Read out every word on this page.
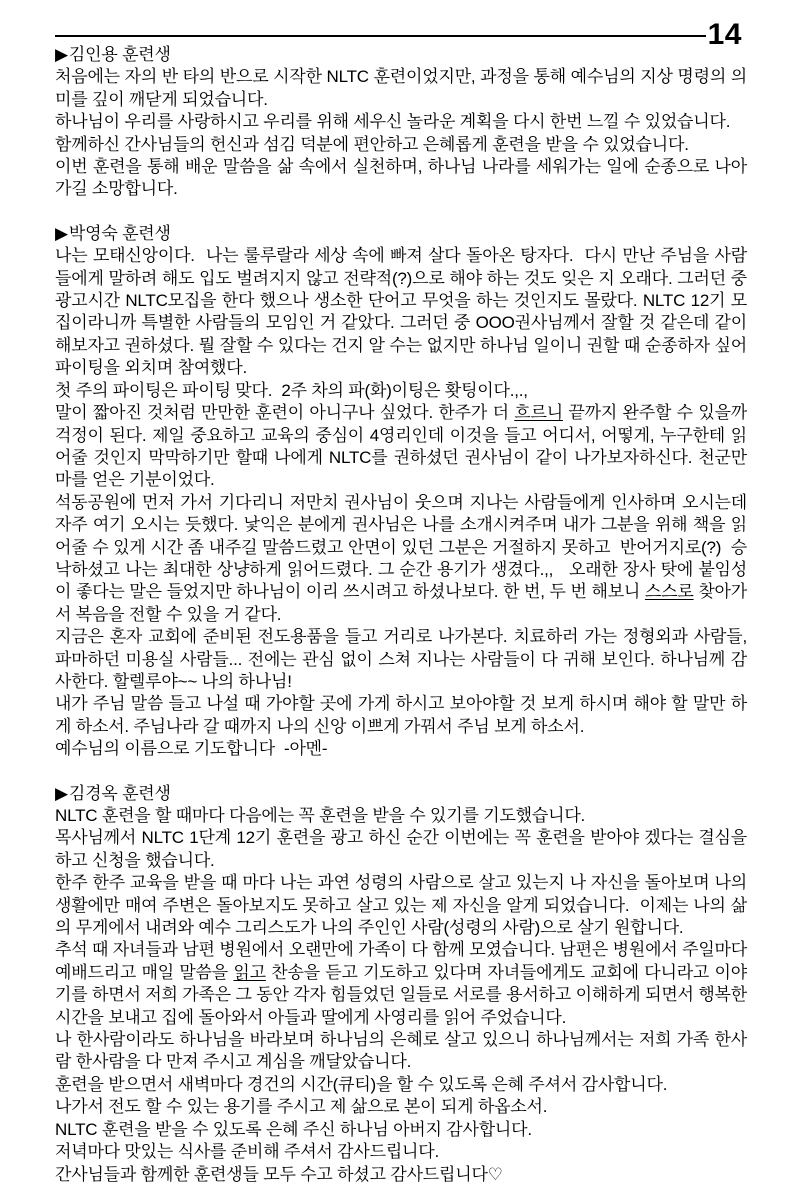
14
▶김인용 훈련생

처음에는 자의 반 타의 반으로 시작한 NLTC 훈련이었지만, 과정을 통해 예수님의 지상 명령의 의미를 깊이 깨닫게 되었습니다.

하나님이 우리를 사랑하시고 우리를 위해 세우신 놀라운 계획을 다시 한번 느낄 수 있었습니다.

함께하신 간사님들의 헌신과 섬김 덕분에 편안하고 은혜롭게 훈련을 받을 수 있었습니다.

이번 훈련을 통해 배운 말씀을 삶 속에서 실천하며, 하나님 나라를 세워가는 일에 순종으로 나아가길 소망합니다.

▶박영숙 훈련생

나는 모태신앙이다.  나는 룰루랄라 세상 속에 빠져 살다 돌아온 탕자다.  다시 만난 주님을 사람들에게 말하려 해도 입도 벌려지지 않고 전략적(?)으로 해야 하는 것도 잊은 지 오래다. 그러던 중 광고시간 NLTC모집을 한다 했으나 생소한 단어고 무엇을 하는 것인지도 몰랐다. NLTC 12기 모집이라니까 특별한 사람들의 모임인 거 같았다. 그러던 중 OOO권사님께서 잘할 것 같은데 같이 해보자고 권하셨다. 뭘 잘할 수 있다는 건지 알 수는 없지만 하나님 일이니 권할 때 순종하자 싶어 파이팅을 외치며 참여했다.

첫 주의 파이팅은 파이팅 맞다.  2주 차의 파(화)이팅은 홧팅이다.,.,

말이 짧아진 것처럼 만만한 훈련이 아니구나 싶었다. 한주가 더 흐르니 끝까지 완주할 수 있을까 걱정이 된다. 제일 중요하고 교육의 중심이 4영리인데 이것을 들고 어디서, 어떻게, 누구한테 읽어줄 것인지 막막하기만 할때 나에게 NLTC를 권하셨던 권사님이 같이 나가보자하신다. 천군만마를 얻은 기분이었다.

석동공원에 먼저 가서 기다리니 저만치 권사님이 웃으며 지나는 사람들에게 인사하며 오시는데 자주 여기 오시는 듯했다. 낯익은 분에게 권사님은 나를 소개시켜주며 내가 그분을 위해 책을 읽어줄 수 있게 시간 좀 내주길 말씀드렸고 안면이 있던 그분은 거절하지 못하고  반어거지로(?)  승낙하셨고 나는 최대한 상냥하게 읽어드렸다. 그 순간 용기가 생겼다.,,   오래한 장사 탓에 붙임성이 좋다는 말은 들었지만 하나님이 이리 쓰시려고 하셨나보다. 한 번, 두 번 해보니 스스로 찾아가서 복음을 전할 수 있을 거 같다.

지금은 혼자 교회에 준비된 전도용품을 들고 거리로 나가본다. 치료하러 가는 정형외과 사람들, 파마하던 미용실 사람들... 전에는 관심 없이 스쳐 지나는 사람들이 다 귀해 보인다. 하나님께 감사한다. 할렐루야~~ 나의 하나님!

내가 주님 말씀 들고 나설 때 가야할 곳에 가게 하시고 보아야할 것 보게 하시며 해야 할 말만 하게 하소서. 주님나라 갈 때까지 나의 신앙 이쁘게 가꿔서 주님 보게 하소서.

예수님의 이름으로 기도합니다  -아멘-

▶김경옥 훈련생

NLTC 훈련을 할 때마다 다음에는 꼭 훈련을 받을 수 있기를 기도했습니다.

목사님께서 NLTC 1단계 12기 훈련을 광고 하신 순간 이번에는 꼭 훈련을 받아야 겠다는 결심을 하고 신청을 했습니다.

한주 한주 교육을 받을 때 마다 나는 과연 성령의 사람으로 살고 있는지 나 자신을 돌아보며 나의 생활에만 매여 주변은 돌아보지도 못하고 살고 있는 제 자신을 알게 되었습니다.  이제는 나의 삶의 무게에서 내려와 예수 그리스도가 나의 주인인 사람(성령의 사람)으로 살기 원합니다.

추석 때 자녀들과 남편 병원에서 오랜만에 가족이 다 함께 모였습니다. 남편은 병원에서 주일마다 예배드리고 매일 말씀을 읽고 찬송을 듣고 기도하고 있다며 자녀들에게도 교회에 다니라고 이야기를 하면서 저희 가족은 그 동안 각자 힘들었던 일들로 서로를 용서하고 이해하게 되면서 행복한 시간을 보내고 집에 돌아와서 아들과 딸에게 사영리를 읽어 주었습니다.

나 한사람이라도 하나님을 바라보며 하나님의 은혜로 살고 있으니 하나님께서는 저희 가족 한사람 한사람을 다 만져 주시고 계심을 깨달았습니다.

훈련을 받으면서 새벽마다 경건의 시간(큐티)을 할 수 있도록 은혜 주셔서 감사합니다.

나가서 전도 할 수 있는 용기를 주시고 제 삶으로 본이 되게 하옵소서.

NLTC 훈련을 받을 수 있도록 은혜 주신 하나님 아버지 감사합니다.

저녁마다 맛있는 식사를 준비해 주셔서 감사드립니다.

간사님들과 함께한 훈련생들 모두 수고 하셨고 감사드립니다♡
